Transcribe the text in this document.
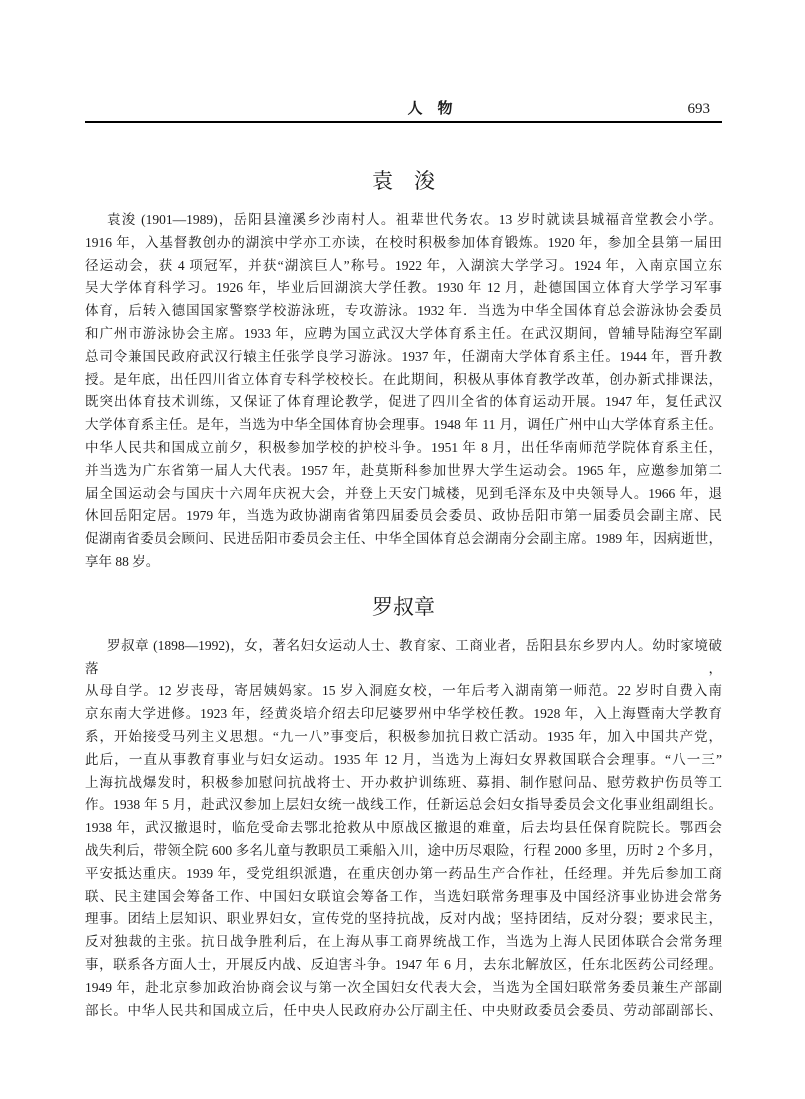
人　物	693
袁　浚
袁浚 (1901—1989)，岳阳县潼溪乡沙南村人。祖辈世代务农。13 岁时就读县城福音堂教会小学。
1916 年，入基督教创办的湖滨中学亦工亦读，在校时积极参加体育锻炼。1920 年，参加全县第一届田
径运动会，获 4 项冠军，并获“湖滨巨人”称号。1922 年，入湖滨大学学习。1924 年，入南京国立东
吴大学体育科学习。1926 年，毕业后回湖滨大学任教。1930 年 12 月，赴德国国立体育大学学习军事
体育，后转入德国国家警察学校游泳班，专攻游泳。1932 年．当选为中华全国体育总会游泳协会委员
和广州市游泳协会主席。1933 年，应聘为国立武汉大学体育系主任。在武汉期间，曾辅导陆海空军副
总司令兼国民政府武汉行辕主任张学良学习游泳。1937 年，任湖南大学体育系主任。1944 年，晋升教
授。是年底，出任四川省立体育专科学校校长。在此期间，积极从事体育教学改革，创办新式排课法，
既突出体育技术训练，又保证了体育理论教学，促进了四川全省的体育运动开展。1947 年，复任武汉
大学体育系主任。是年，当选为中华全国体育协会理事。1948 年 11 月，调任广州中山大学体育系主任。
中华人民共和国成立前夕，积极参加学校的护校斗争。1951 年 8 月，出任华南师范学院体育系主任，
并当选为广东省第一届人大代表。1957 年，赴莫斯科参加世界大学生运动会。1965 年，应邀参加第二
届全国运动会与国庆十六周年庆祝大会，并登上天安门城楼，见到毛泽东及中央领导人。1966 年，退
休回岳阳定居。1979 年，当选为政协湖南省第四届委员会委员、政协岳阳市第一届委员会副主席、民
促湖南省委员会顾问、民进岳阳市委员会主任、中华全国体育总会湖南分会副主席。1989 年，因病逝世，
享年 88 岁。
罗叔章
罗叔章 (1898—1992)，女，著名妇女运动人士、教育家、工商业者，岳阳县东乡罗内人。幼时家境破落，
从母自学。12 岁丧母，寄居姨妈家。15 岁入洞庭女校，一年后考入湖南第一师范。22 岁时自费入南
京东南大学进修。1923 年，经黄炎培介绍去印尼婆罗州中华学校任教。1928 年，入上海暨南大学教育
系，开始接受马列主义思想。“九一八”事变后，积极参加抗日救亡活动。1935 年，加入中国共产党，
此后，一直从事教育事业与妇女运动。1935 年 12 月，当选为上海妇女界救国联合会理事。“八一三”
上海抗战爆发时，积极参加慰问抗战将士、开办救护训练班、募捐、制作慰问品、慰劳救护伤员等工
作。1938 年 5 月，赴武汉参加上层妇女统一战线工作，任新运总会妇女指导委员会文化事业组副组长。
1938 年，武汉撤退时，临危受命去鄂北抢救从中原战区撤退的难童，后去均县任保育院院长。鄂西会
战失利后，带领全院 600 多名儿童与教职员工乘船入川，途中历尽艰险，行程 2000 多里，历时 2 个多月，
平安抵达重庆。1939 年，受党组织派遣，在重庆创办第一药品生产合作社，任经理。并先后参加工商
联、民主建国会筹备工作、中国妇女联谊会筹备工作，当选妇联常务理事及中国经济事业协进会常务
理事。团结上层知识、职业界妇女，宣传党的坚持抗战，反对内战；坚持团结，反对分裂；要求民主，
反对独裁的主张。抗日战争胜利后，在上海从事工商界统战工作，当选为上海人民团体联合会常务理
事，联系各方面人士，开展反内战、反迫害斗争。1947 年 6 月，去东北解放区，任东北医药公司经理。
1949 年，赴北京参加政治协商会议与第一次全国妇女代表大会，当选为全国妇联常务委员兼生产部副
部长。中华人民共和国成立后，任中央人民政府办公厅副主任、中央财政委员会委员、劳动部副部长、
